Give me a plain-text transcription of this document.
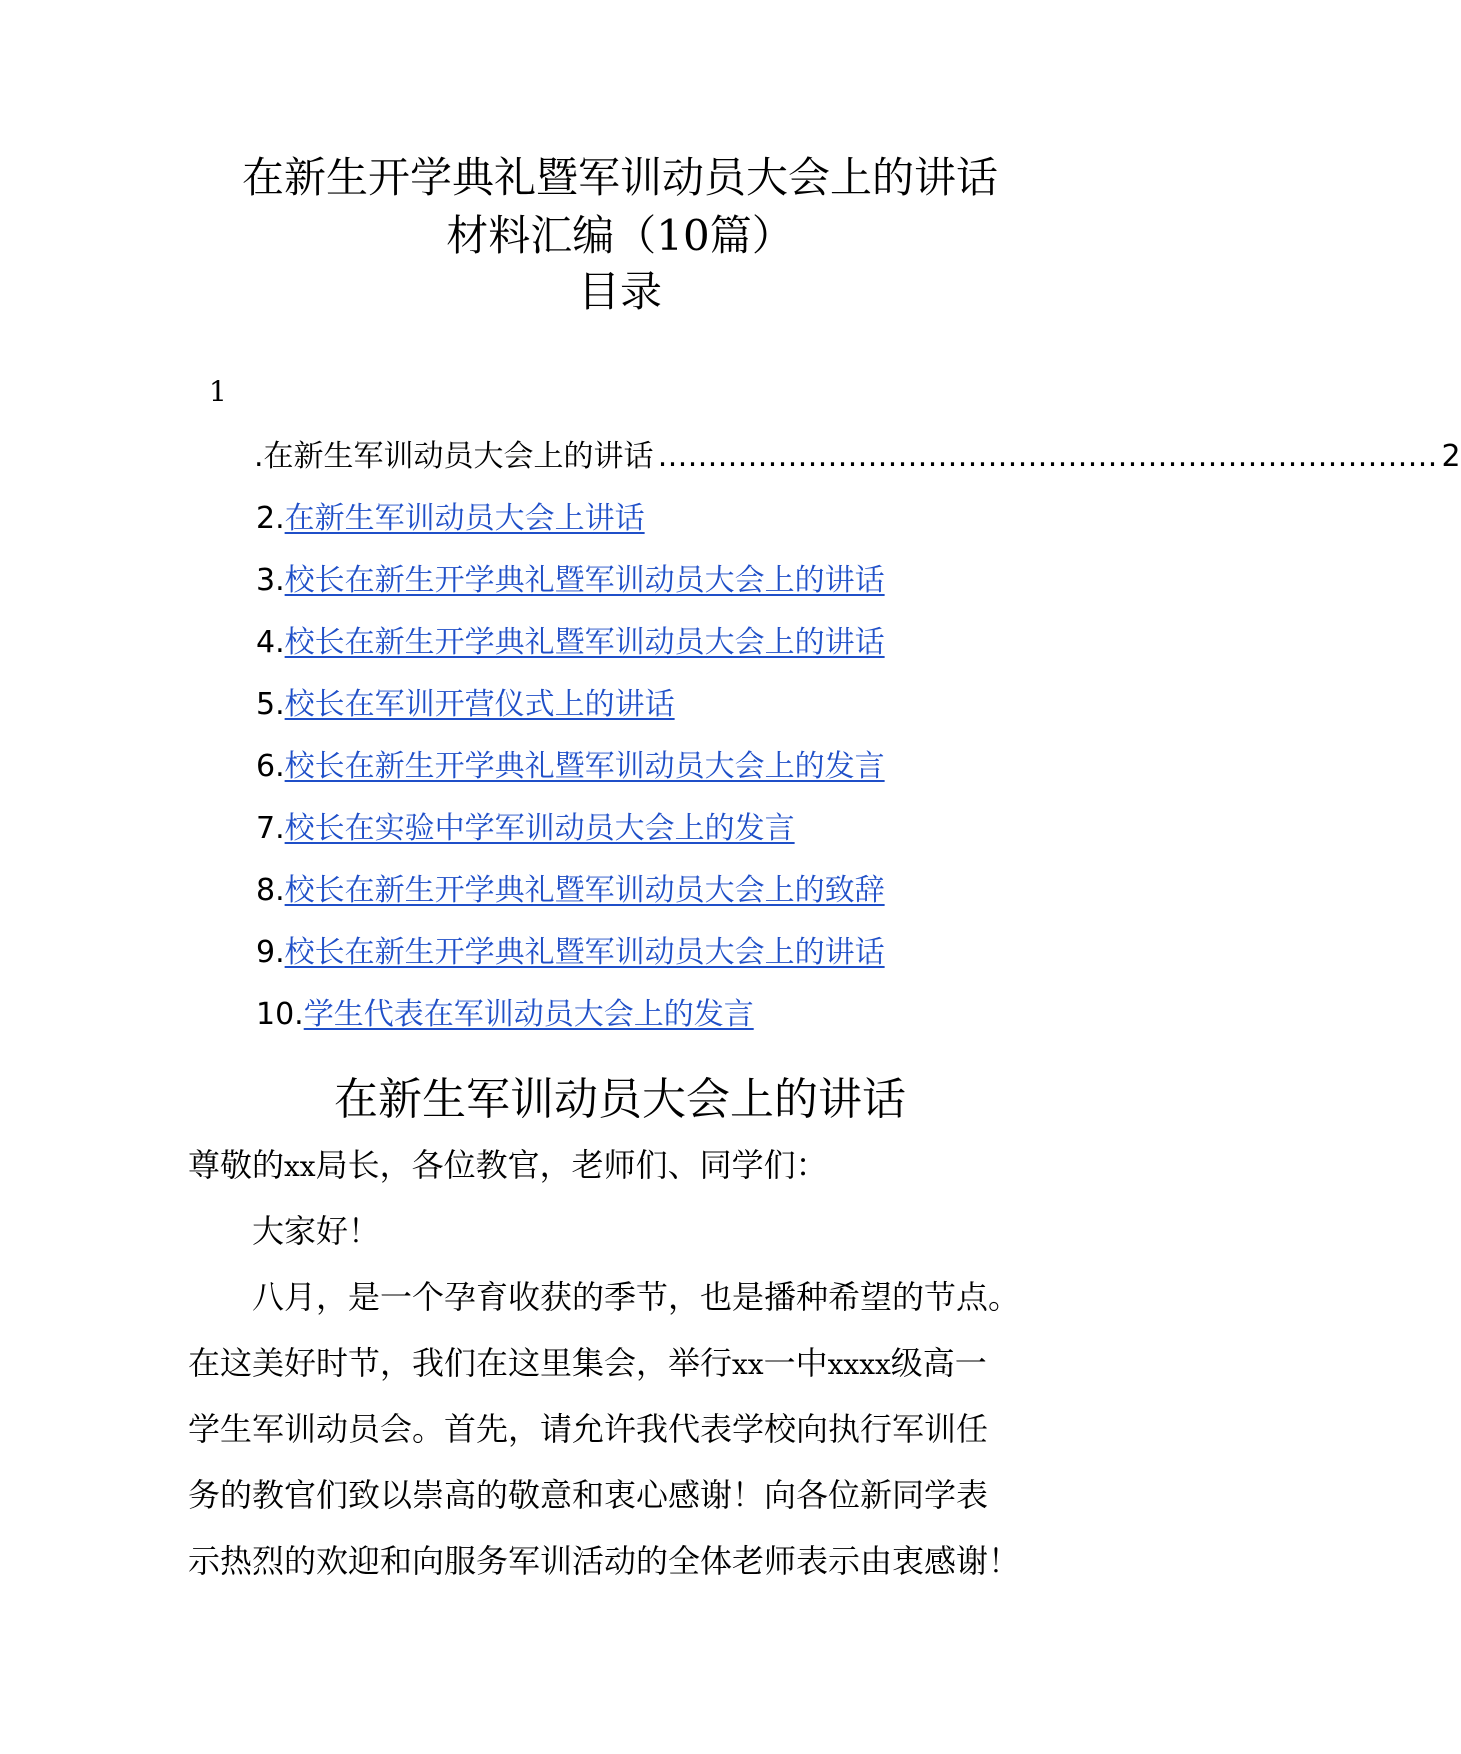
在新生开学典礼暨军训动员大会上的讲话
材料汇编（10篇）
目录
1
.在新生军训动员大会上的讲话 …………………………………………………………………… 2
2.在新生军训动员大会上讲话
3.校长在新生开学典礼暨军训动员大会上的讲话
4.校长在新生开学典礼暨军训动员大会上的讲话
5.校长在军训开营仪式上的讲话
6.校长在新生开学典礼暨军训动员大会上的发言
7.校长在实验中学军训动员大会上的发言
8.校长在新生开学典礼暨军训动员大会上的致辞
9.校长在新生开学典礼暨军训动员大会上的讲话
10.学生代表在军训动员大会上的发言
在新生军训动员大会上的讲话
尊敬的xx局长，各位教官，老师们、同学们：
大家好！
八月，是一个孕育收获的季节，也是播种希望的节点。
在这美好时节，我们在这里集会，举行xx一中xxxx级高一
学生军训动员会。首先，请允许我代表学校向执行军训任
务的教官们致以崇高的敬意和衷心感谢！向各位新同学表
示热烈的欢迎和向服务军训活动的全体老师表示由衷感谢！
